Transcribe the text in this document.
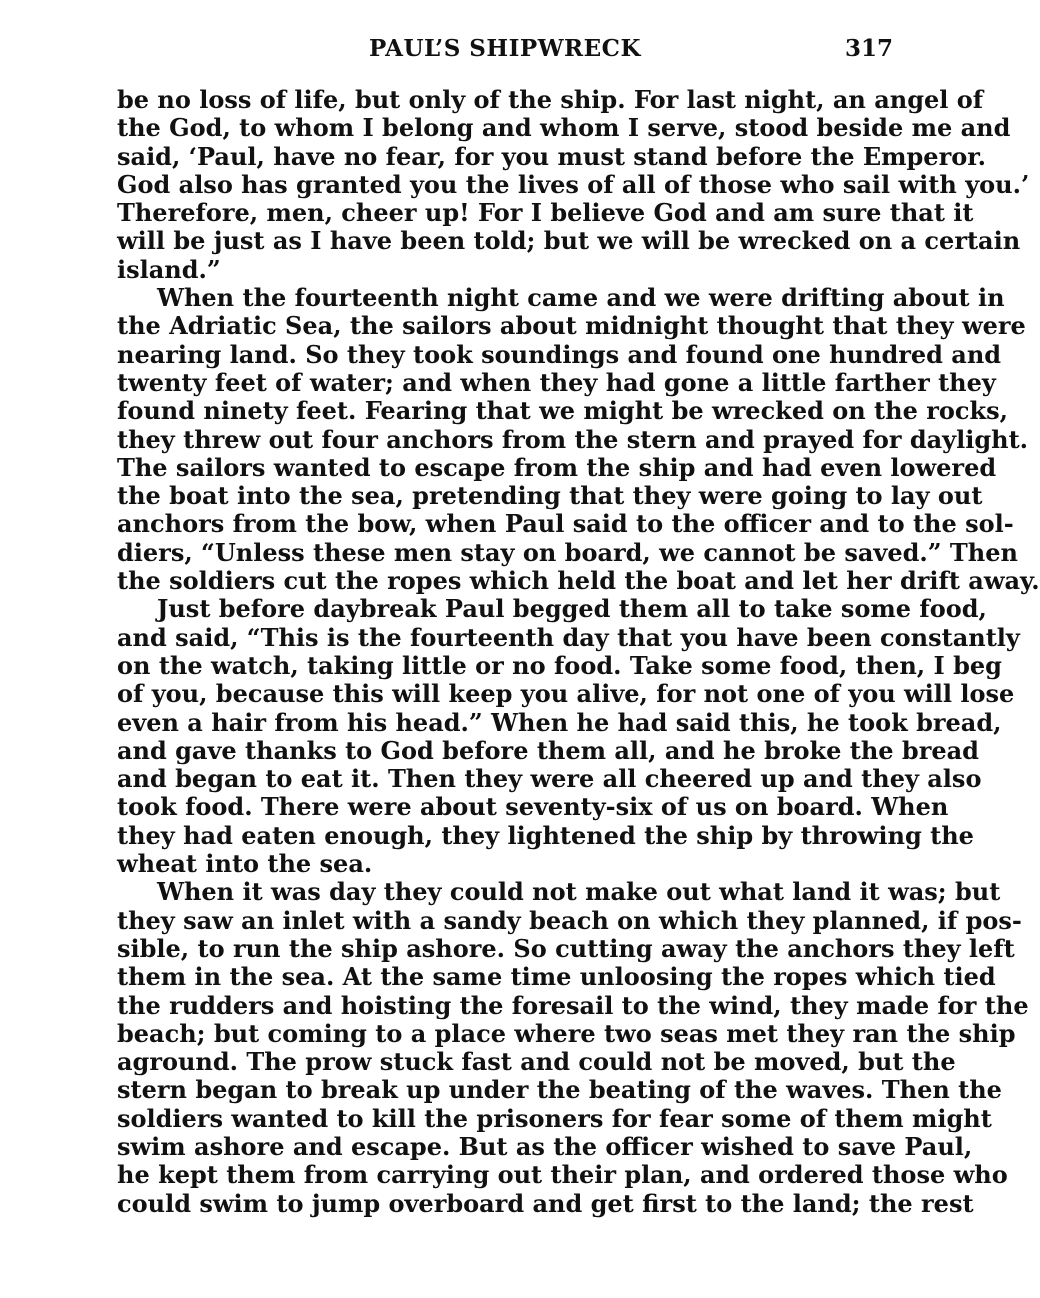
PAUL’S SHIPWRECK	317
be no loss of life, but only of the ship. For last night, an angel of
the God, to whom I belong and whom I serve, stood beside me and
said, ‘Paul, have no fear, for you must stand before the Emperor.
God also has granted you the lives of all of those who sail with you.’
Therefore, men, cheer up! For I believe God and am sure that it
will be just as I have been told; but we will be wrecked on a certain
island.”
When the fourteenth night came and we were drifting about in
the Adriatic Sea, the sailors about midnight thought that they were
nearing land. So they took soundings and found one hundred and
twenty feet of water; and when they had gone a little farther they
found ninety feet. Fearing that we might be wrecked on the rocks,
they threw out four anchors from the stern and prayed for daylight.
The sailors wanted to escape from the ship and had even lowered
the boat into the sea, pretending that they were going to lay out
anchors from the bow, when Paul said to the officer and to the sol-
diers, “Unless these men stay on board, we cannot be saved.” Then
the soldiers cut the ropes which held the boat and let her drift away.
Just before daybreak Paul begged them all to take some food,
and said, “This is the fourteenth day that you have been constantly
on the watch, taking little or no food. Take some food, then, I beg
of you, because this will keep you alive, for not one of you will lose
even a hair from his head.” When he had said this, he took bread,
and gave thanks to God before them all, and he broke the bread
and began to eat it. Then they were all cheered up and they also
took food. There were about seventy-six of us on board. When
they had eaten enough, they lightened the ship by throwing the
wheat into the sea.
When it was day they could not make out what land it was; but
they saw an inlet with a sandy beach on which they planned, if pos-
sible, to run the ship ashore. So cutting away the anchors they left
them in the sea. At the same time unloosing the ropes which tied
the rudders and hoisting the foresail to the wind, they made for the
beach; but coming to a place where two seas met they ran the ship
aground. The prow stuck fast and could not be moved, but the
stern began to break up under the beating of the waves. Then the
soldiers wanted to kill the prisoners for fear some of them might
swim ashore and escape. But as the officer wished to save Paul,
he kept them from carrying out their plan, and ordered those who
could swim to jump overboard and get first to the land; the rest
